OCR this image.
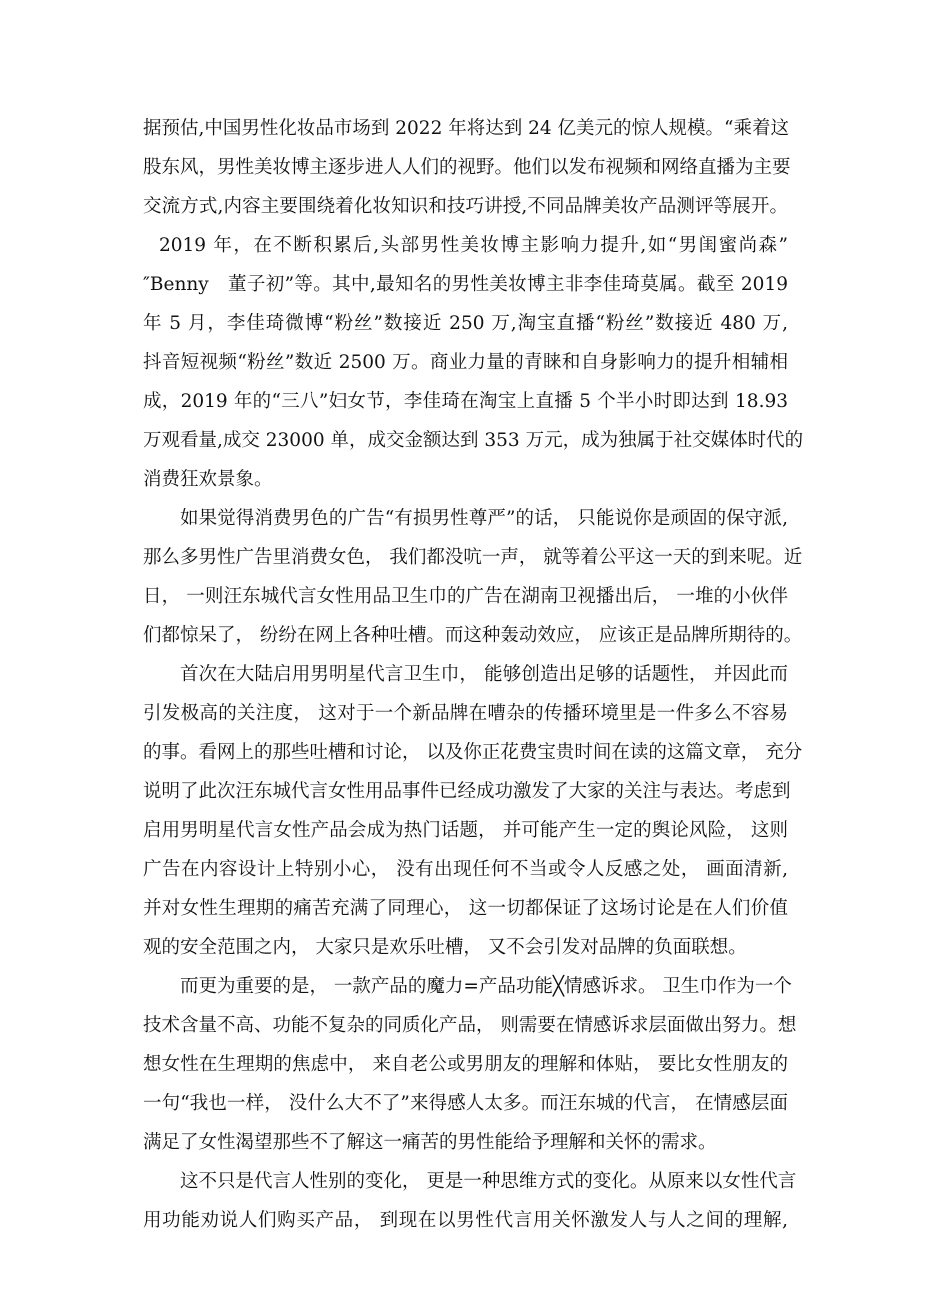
据预估,中国男性化妆品市场到 2022 年将达到 24 亿美元的惊人规模。“乘着这
股东风，男性美妆博主逐步进人人们的视野。他们以发布视频和网络直播为主要
交流方式,内容主要围绕着化妆知识和技巧讲授,不同品牌美妆产品测评等展开。
2019 年，在不断积累后,头部男性美妆博主影响力提升,如“男闺蜜尚森”
″Benny　董子初”等。其中,最知名的男性美妆博主非李佳琦莫属。截至 2019
年 5 月，李佳琦微博“粉丝”数接近 250 万,淘宝直播“粉丝”数接近 480 万,
抖音短视频“粉丝”数近 2500 万。商业力量的青睐和自身影响力的提升相辅相
成，2019 年的“三八”妇女节，李佳琦在淘宝上直播 5 个半小时即达到 18.93
万观看量,成交 23000 单，成交金额达到 353 万元，成为独属于社交媒体时代的
消费狂欢景象。
如果觉得消费男色的广告“有损男性尊严”的话， 只能说你是顽固的保守派,
那么多男性广告里消费女色， 我们都没吭一声， 就等着公平这一天的到来呢。近
日， 一则汪东城代言女性用品卫生巾的广告在湖南卫视播出后， 一堆的小伙伴
们都惊呆了， 纷纷在网上各种吐槽。而这种轰动效应， 应该正是品牌所期待的。
首次在大陆启用男明星代言卫生巾， 能够创造出足够的话题性， 并因此而
引发极高的关注度， 这对于一个新品牌在嘈杂的传播环境里是一件多么不容易
的事。看网上的那些吐槽和讨论， 以及你正花费宝贵时间在读的这篇文章， 充分
说明了此次汪东城代言女性用品事件已经成功激发了大家的关注与表达。考虑到
启用男明星代言女性产品会成为热门话题， 并可能产生一定的舆论风险， 这则
广告在内容设计上特别小心， 没有出现任何不当或令人反感之处， 画面清新,
并对女性生理期的痛苦充满了同理心， 这一切都保证了这场讨论是在人们价值
观的安全范围之内， 大家只是欢乐吐槽， 又不会引发对品牌的负面联想。
而更为重要的是， 一款产品的魔力=产品功能╳情感诉求。 卫生巾作为一个
技术含量不高、功能不复杂的同质化产品， 则需要在情感诉求层面做出努力。想
想女性在生理期的焦虑中， 来自老公或男朋友的理解和体贴， 要比女性朋友的
一句“我也一样， 没什么大不了”来得感人太多。而汪东城的代言， 在情感层面
满足了女性渴望那些不了解这一痛苦的男性能给予理解和关怀的需求。
这不只是代言人性别的变化， 更是一种思维方式的变化。从原来以女性代言
用功能劝说人们购买产品， 到现在以男性代言用关怀激发人与人之间的理解,
